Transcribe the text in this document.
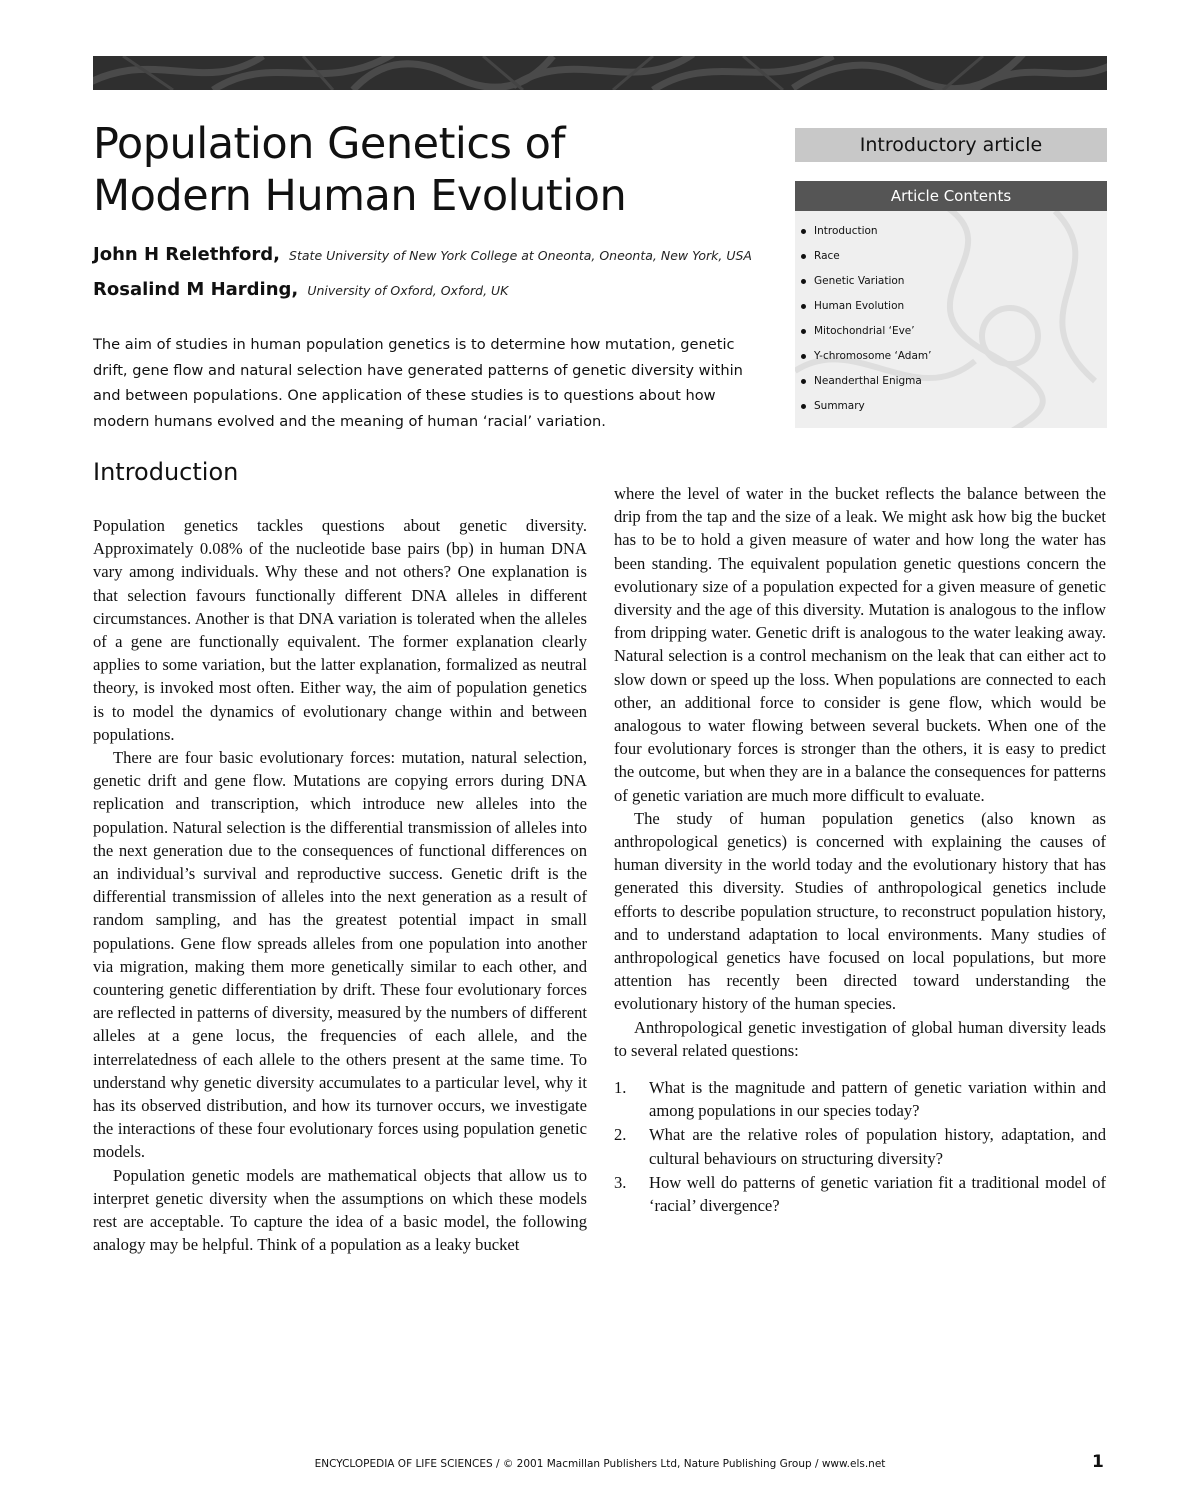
Population Genetics of
Modern Human Evolution
John H Relethford, State University of New York College at Oneonta, Oneonta, New York, USA
Rosalind M Harding, University of Oxford, Oxford, UK
The aim of studies in human population genetics is to determine how mutation, genetic drift, gene flow and natural selection have generated patterns of genetic diversity within and between populations. One application of these studies is to questions about how modern humans evolved and the meaning of human ‘racial’ variation.
Introductory article
Article Contents
Introduction
Race
Genetic Variation
Human Evolution
Mitochondrial ‘Eve’
Y-chromosome ‘Adam’
Neanderthal Enigma
Summary
Introduction

Population genetics tackles questions about genetic diversity. Approximately 0.08% of the nucleotide base pairs (bp) in human DNA vary among individuals. Why these and not others? One explanation is that selection favours functionally different DNA alleles in different circumstances. Another is that DNA variation is tolerated when the alleles of a gene are functionally equivalent. The former explanation clearly applies to some variation, but the latter explanation, formalized as neutral theory, is invoked most often. Either way, the aim of population genetics is to model the dynamics of evolutionary change within and between populations.

There are four basic evolutionary forces: mutation, natural selection, genetic drift and gene flow. Mutations are copying errors during DNA replication and transcription, which introduce new alleles into the population. Natural selection is the differential transmission of alleles into the next generation due to the consequences of functional differences on an individual’s survival and reproductive success. Genetic drift is the differential transmission of alleles into the next generation as a result of random sampling, and has the greatest potential impact in small populations. Gene flow spreads alleles from one population into another via migration, making them more genetically similar to each other, and countering genetic differentiation by drift. These four evolutionary forces are reflected in patterns of diversity, measured by the numbers of different alleles at a gene locus, the frequencies of each allele, and the interrelatedness of each allele to the others present at the same time. To understand why genetic diversity accumulates to a particular level, why it has its observed distribution, and how its turnover occurs, we investigate the interactions of these four evolutionary forces using population genetic models.

Population genetic models are mathematical objects that allow us to interpret genetic diversity when the assumptions on which these models rest are acceptable. To capture the idea of a basic model, the following analogy may be helpful. Think of a population as a leaky bucket

where the level of water in the bucket reflects the balance between the drip from the tap and the size of a leak. We might ask how big the bucket has to be to hold a given measure of water and how long the water has been standing. The equivalent population genetic questions concern the evolutionary size of a population expected for a given measure of genetic diversity and the age of this diversity. Mutation is analogous to the inflow from dripping water. Genetic drift is analogous to the water leaking away. Natural selection is a control mechanism on the leak that can either act to slow down or speed up the loss. When populations are connected to each other, an additional force to consider is gene flow, which would be analogous to water flowing between several buckets. When one of the four evolutionary forces is stronger than the others, it is easy to predict the outcome, but when they are in a balance the consequences for patterns of genetic variation are much more difficult to evaluate.

The study of human population genetics (also known as anthropological genetics) is concerned with explaining the causes of human diversity in the world today and the evolutionary history that has generated this diversity. Studies of anthropological genetics include efforts to describe population structure, to reconstruct population history, and to understand adaptation to local environments. Many studies of anthropological genetics have focused on local populations, but more attention has recently been directed toward understanding the evolutionary history of the human species.

Anthropological genetic investigation of global human diversity leads to several related questions:

1. What is the magnitude and pattern of genetic variation within and among populations in our species today?
2. What are the relative roles of population history, adaptation, and cultural behaviours on structuring diversity?
3. How well do patterns of genetic variation fit a traditional model of ‘racial’ divergence?
ENCYCLOPEDIA OF LIFE SCIENCES / © 2001 Macmillan Publishers Ltd, Nature Publishing Group / www.els.net	1
